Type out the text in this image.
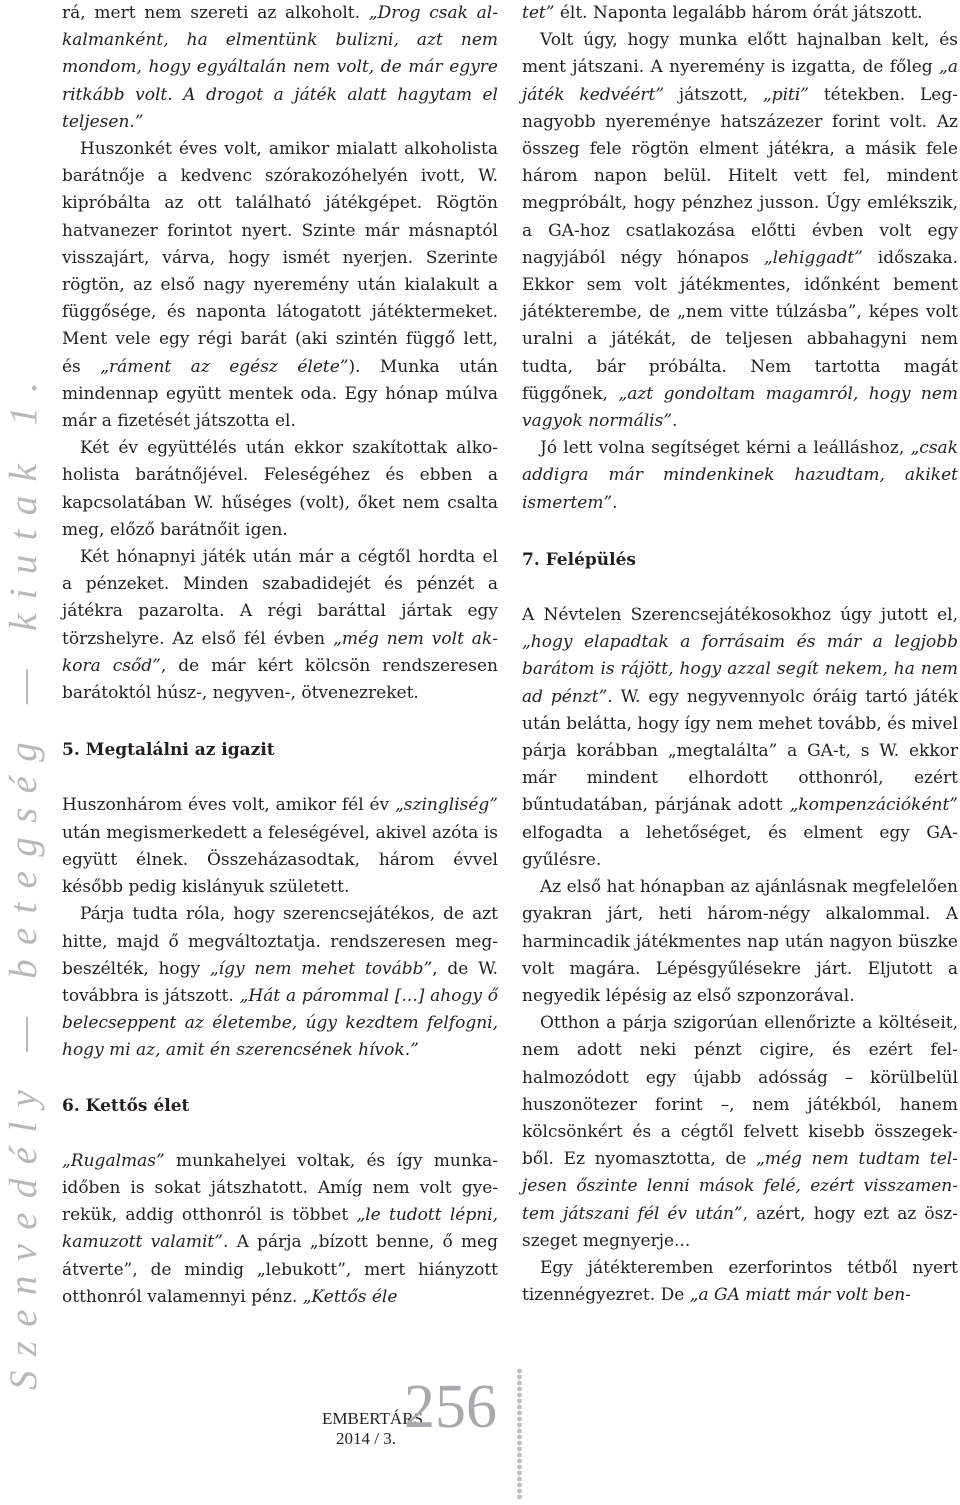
Szenvedély — betegség — kiutak 1.

rá, mert nem szereti az alkoholt. „Drog csak alkalmanként, ha elmentünk bulizni, azt nem mondom, hogy egyáltalán nem volt, de már egyre ritkább volt. A drogot a játék alatt hagytam el teljesen.”

Huszonkét éves volt, amikor mialatt alkoholista barátnője a kedvenc szórakozóhelyén ivott, W. kipróbálta az ott található játékgépet. Rögtön hatvanezer forintot nyert. Szinte már másnaptól visszajárt, várva, hogy ismét nyerjen. Szerinte rögtön, az első nagy nyeremény után kialakult a függősége, és naponta látogatott játéktermeket. Ment vele egy régi barát (aki szintén függő lett, és „ráment az egész élete”). Munka után mindennap együtt mentek oda. Egy hónap múlva már a fizetését játszotta el.

Két év együttélés után ekkor szakítottak alkoholista barátnőjével. Feleségéhez és ebben a kapcsolatában W. hűséges (volt), őket nem csalta meg, előző barátnőit igen.

Két hónapnyi játék után már a cégtől hordta el a pénzeket. Minden szabadidejét és pénzét a játékra pazarolta. A régi baráttal jártak egy törzshelyre. Az első fél évben „még nem volt akkora csőd”, de már kért kölcsön rendszeresen barátoktól húsz-, negyven-, ötvenezreket.

5. Megtalálni az igazit

Huszonhárom éves volt, amikor fél év „szingliség” után megismerkedett a feleségével, akivel azóta is együtt élnek. Összeházasodtak, három évvel később pedig kislányuk született.

Párja tudta róla, hogy szerencsejátékos, de azt hitte, majd ő megváltoztatja. rendszeresen megbeszélték, hogy „így nem mehet tovább”, de W. továbbra is játszott. „Hát a párommal [...] ahogy ő belecseppent az életembe, úgy kezdtem felfogni, hogy mi az, amit én szerencsének hívok.”

6. Kettős élet

„Rugalmas” munkahelyei voltak, és így munkaidőben is sokat játszhatott. Amíg nem volt gyerekük, addig otthonról is többet „le tudott lépni, kamuzott valamit”. A párja „bízott benne, ő meg átverte”, de mindig „lebukott”, mert hiányzott otthonról valamennyi pénz. „Kettős éle

tet” élt. Naponta legalább három órát játszott.

Volt úgy, hogy munka előtt hajnalban kelt, és ment játszani. A nyeremény is izgatta, de főleg „a játék kedvéért” játszott, „piti” tétekben. Legnagyobb nyereménye hatszázezer forint volt. Az összeg fele rögtön elment játékra, a másik fele három napon belül. Hitelt vett fel, mindent megpróbált, hogy pénzhez jusson. Úgy emlékszik, a GA-hoz csatlakozása előtti évben volt egy nagyjából négy hónapos „lehiggadt” időszaka. Ekkor sem volt játékmentes, időnként bement játékterembe, de „nem vitte túlzásba”, képes volt uralni a játékát, de teljesen abbahagyni nem tudta, bár próbálta. Nem tartotta magát függőnek, „azt gondoltam magamról, hogy nem vagyok normális”.

Jó lett volna segítséget kérni a leálláshoz, „csak addigra már mindenkinek hazudtam, akiket ismertem”.

7. Felépülés

A Névtelen Szerencsejátékosokhoz úgy jutott el, „hogy elapadtak a forrásaim és már a legjobb barátom is rájött, hogy azzal segít nekem, ha nem ad pénzt”. W. egy negyvennyolc óráig tartó játék után belátta, hogy így nem mehet tovább, és mivel párja korábban „megtalálta” a GA-t, s W. ekkor már mindent elhordott otthonról, ezért bűntudatában, párjának adott „kompenzációként” elfogadta a lehetőséget, és elment egy GA-gyűlésre.

Az első hat hónapban az ajánlásnak megfelelően gyakran járt, heti három-négy alkalommal. A harmincadik játékmentes nap után nagyon büszke volt magára. Lépésgyűlésekre járt. Eljutott a negyedik lépésig az első szponzorával.

Otthon a párja szigorúan ellenőrizte a költéseit, nem adott neki pénzt cigire, és ezért felhalmozódott egy újabb adósság – körülbelül huszonötezer forint –, nem játékból, hanem kölcsönkért és a cégtől felvett kisebb összegekből. Ez nyomasztotta, de „még nem tudtam teljesen őszinte lenni mások felé, ezért visszamentem játszani fél év után”, azért, hogy ezt az öszszeget megnyerje...

Egy játékteremben ezerforintos tétből nyert tizennégyezret. De „a GA miatt már volt ben-

EMBERTÁRS
2014 / 3. 256
